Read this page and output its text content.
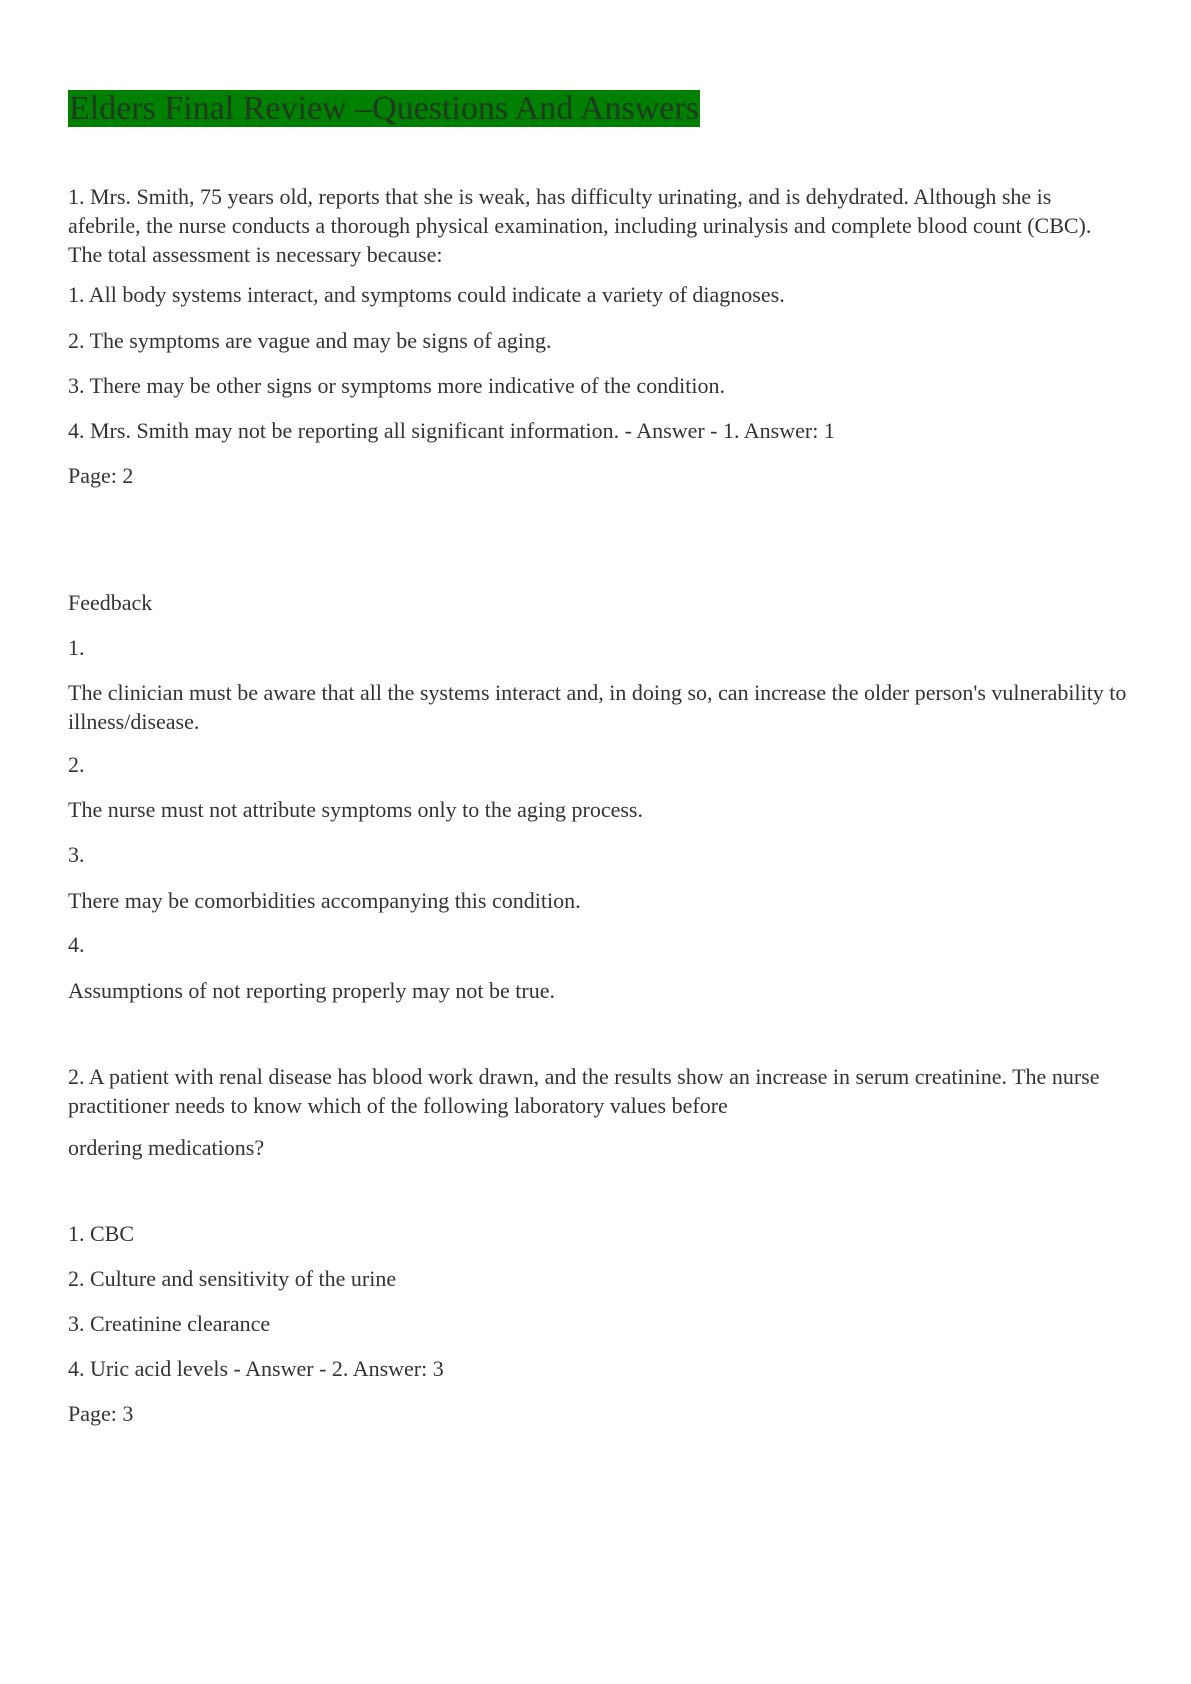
Elders Final Review –Questions And Answers

1. Mrs. Smith, 75 years old, reports that she is weak, has difficulty urinating, and is dehydrated. Although she is afebrile, the nurse conducts a thorough physical examination, including urinalysis and complete blood count (CBC). The total assessment is necessary because:

1. All body systems interact, and symptoms could indicate a variety of diagnoses.

2. The symptoms are vague and may be signs of aging.

3. There may be other signs or symptoms more indicative of the condition.

4. Mrs. Smith may not be reporting all significant information. - Answer - 1. Answer: 1

Page: 2

Feedback

1.

The clinician must be aware that all the systems interact and, in doing so, can increase the older person's vulnerability to illness/disease.

2.

The nurse must not attribute symptoms only to the aging process.

3.

There may be comorbidities accompanying this condition.

4.

Assumptions of not reporting properly may not be true.

2. A patient with renal disease has blood work drawn, and the results show an increase in serum creatinine. The nurse practitioner needs to know which of the following laboratory values before

ordering medications?

1. CBC

2. Culture and sensitivity of the urine

3. Creatinine clearance

4. Uric acid levels - Answer - 2. Answer: 3

Page: 3
